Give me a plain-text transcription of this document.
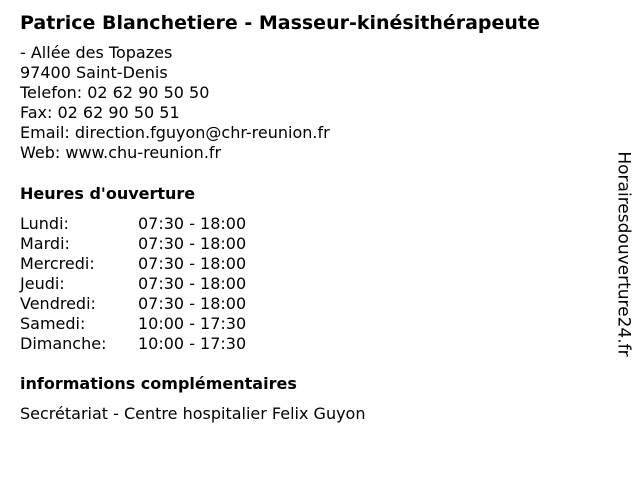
Patrice Blanchetiere - Masseur-kinésithérapeute
- Allée des Topazes
97400 Saint-Denis
Telefon: 02 62 90 50 50
Fax: 02 62 90 50 51
Email: direction.fguyon@chr-reunion.fr
Web: www.chu-reunion.fr
Heures d'ouverture
Lundi:	07:30 - 18:00
Mardi:	07:30 - 18:00
Mercredi:	07:30 - 18:00
Jeudi:	07:30 - 18:00
Vendredi:	07:30 - 18:00
Samedi:	10:00 - 17:30
Dimanche:	10:00 - 17:30
informations complémentaires
Secrétariat - Centre hospitalier Felix Guyon
Horairesdouverture24.fr
